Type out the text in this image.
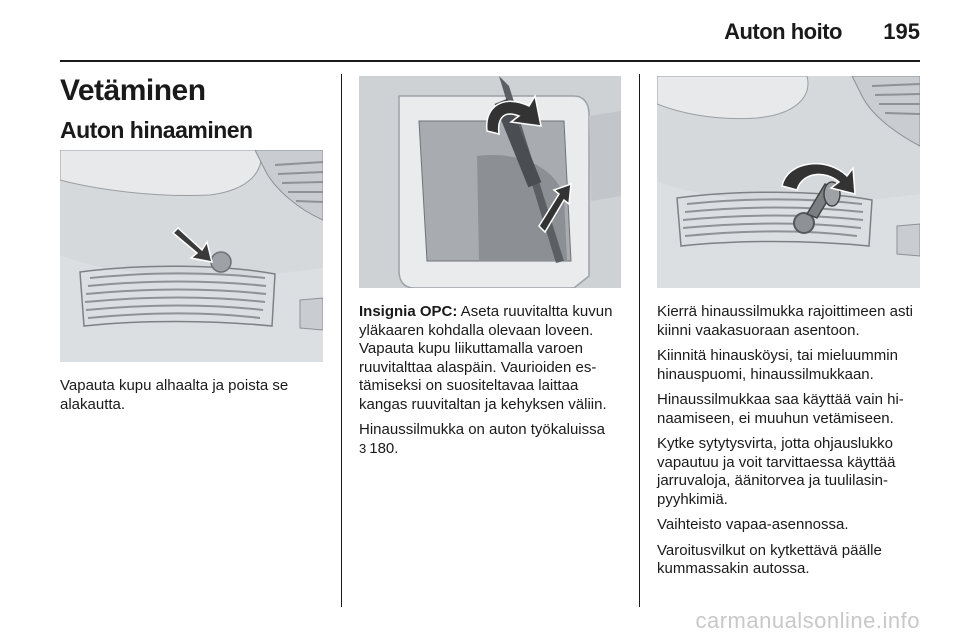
Auton hoito 195
Vetäminen
Auton hinaaminen

Vapauta kupu alhaalta ja poista se alakautta.

Insignia OPC: Aseta ruuvitaltta kuvun yläkaaren kohdalla olevaan loveen. Vapauta kupu liikuttamalla varoen ruuvitalttaa alaspäin. Vaurioiden estämiseksi on suositeltavaa laittaa kangas ruuvitaltan ja kehyksen väliin.

Hinaussilmukka on auton työkaluissa
3 180.

Kierrä hinaussilmukka rajoittimeen asti kiinni vaakasuoraan asentoon.

Kiinnitä hinausköysi, tai mieluummin hinauspuomi, hinaussilmukkaan.

Hinaussilmukkaa saa käyttää vain hinaamiseen, ei muuhun vetämiseen.

Kytke sytytysvirta, jotta ohjauslukko vapautuu ja voit tarvittaessa käyttää jarruvaloja, äänitorvea ja tuulilasinpyyhkimiä.

Vaihteisto vapaa-asennossa.

Varoitusvilkut on kytkettävä päälle kummassakin autossa.

carmanualsonline.info
